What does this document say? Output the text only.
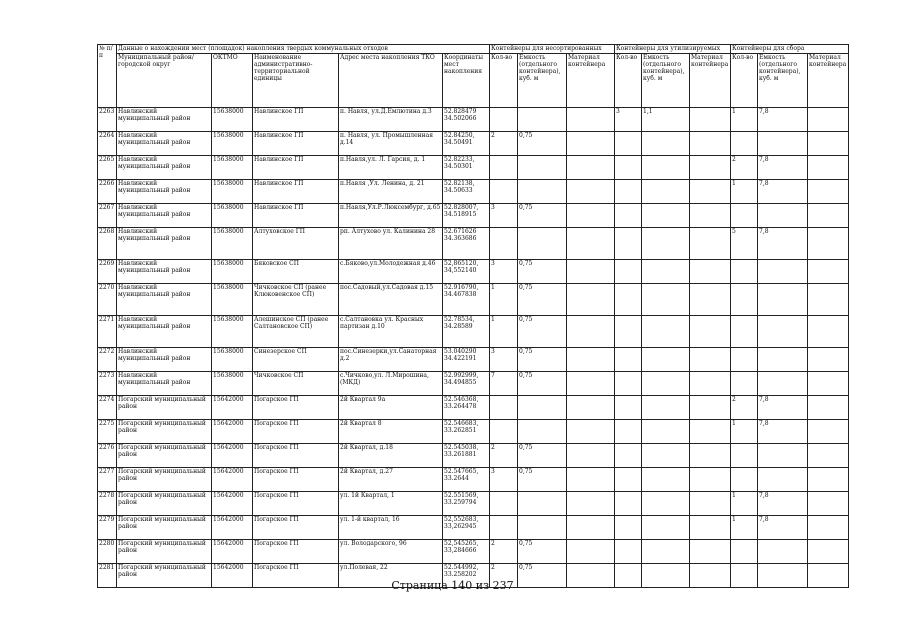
№ п/п	Данные о нахождении мест (площадок) накопления твердых коммунальных отходов					Контейнеры для несортированных			Контейнеры для утилизируемых			Контейнеры для сбора		
	Муниципальный район/городской округ	ОКТМО	Наименование административно-территориальной единицы	Адрес места накопления ТКО	Координаты мест накопления	Кол-во	Емкость (отдельного контейнера), куб. м	Материал контейнера	Кол-во	Емкость (отдельного контейнера), куб. м	Материал контейнера	Кол-во	Емкость (отдельного контейнера), куб. м	Материал контейнера
2263	Навлинский муниципальный район	15638000	Навлинское ГП	п. Навля, ул.Д.Емлютина д.3	52.828479 34.502066				3	1,1		1	7,8	
2264	Навлинский муниципальный район	15638000	Навлинское ГП	п. Навля, ул. Промышленная д.14	52.84250, 34.50491	2	0,75							
2265	Навлинский муниципальный район	15638000	Навлинское ГП	п.Навля,ул. Л. Гарсия, д. 1	52.82233, 34.50301							2	7,8	
2266	Навлинский муниципальный район	15638000	Навлинское ГП	п.Навля ,Ул. Ленина, д. 21	52.82138, 34.50633							1	7,8	
2267	Навлинский муниципальный район	15638000	Навлинское ГП	п.Навля,Ул.Р.Люксембург, д.65	52.828007, 34.518915	3	0,75							
2268	Навлинский муниципальный район	15638000	Алтуховское ГП	рп. Алтухово ул. Калинина 28	52.671626 34.363686							5	7,8	
2269	Навлинский муниципальный район	15638000	Бяковское СП	с.Бяково,ул.Молодежная д.46	52,865120, 34,552140	3	0,75							
2270	Навлинский муниципальный район	15638000	Чичковское СП (ранее Клюковенское СП)	пос.Садовый,ул.Садовая д.15	52.916790, 34.467838	1	0,75							
2271	Навлинский муниципальный район	15638000	Алешинское СП (ранее Салтановское СП)	с.Салтановка ул. Красных партизан д.10	52.78534, 34.28589	1	0,75							
2272	Навлинский муниципальный район	15638000	Синезерское СП	пос.Синезерки,ул.Санаторная д.2	53.040290 34.422191	3	0,75							
2273	Навлинский муниципальный район	15638000	Чичковское СП	с.Чичково,ул. Л.Мирошина,(МКД)	52.992999, 34.494855	7	0,75							
2274	Погарский муниципальный район	15642000	Погарское ГП	2й Квартал 9а	52.546368, 33.264478							2	7,8	
2275	Погарский муниципальный район	15642000	Погарское ГП	2й Квартал 8	52.546683, 33.262851							1	7,8	
2276	Погарский муниципальный район	15642000	Погарское ГП	2й Квартал, д.18	52.545038, 33.261881	2	0,75							
2277	Погарский муниципальный район	15642000	Погарское ГП	2й Квартал, д.27	52.547665, 33.2644	3	0,75							
2278	Погарский муниципальный район	15642000	Погарское ГП	ул. 1й Квартал, 1	52.551569, 33.259794							1	7,8	
2279	Погарский муниципальный район	15642000	Погарское ГП	ул. 1-й квартал, 16	52,552683, 33,262945							1	7,8	
2280	Погарский муниципальный район	15642000	Погарское ГП	ул. Володарского, 96	52,545265, 33,284666	2	0,75							
2281	Погарский муниципальный район	15642000	Погарское ГП	ул.Полевая, 22	52.544992, 33.258202	2	0,75							
Страница 140 из 237
